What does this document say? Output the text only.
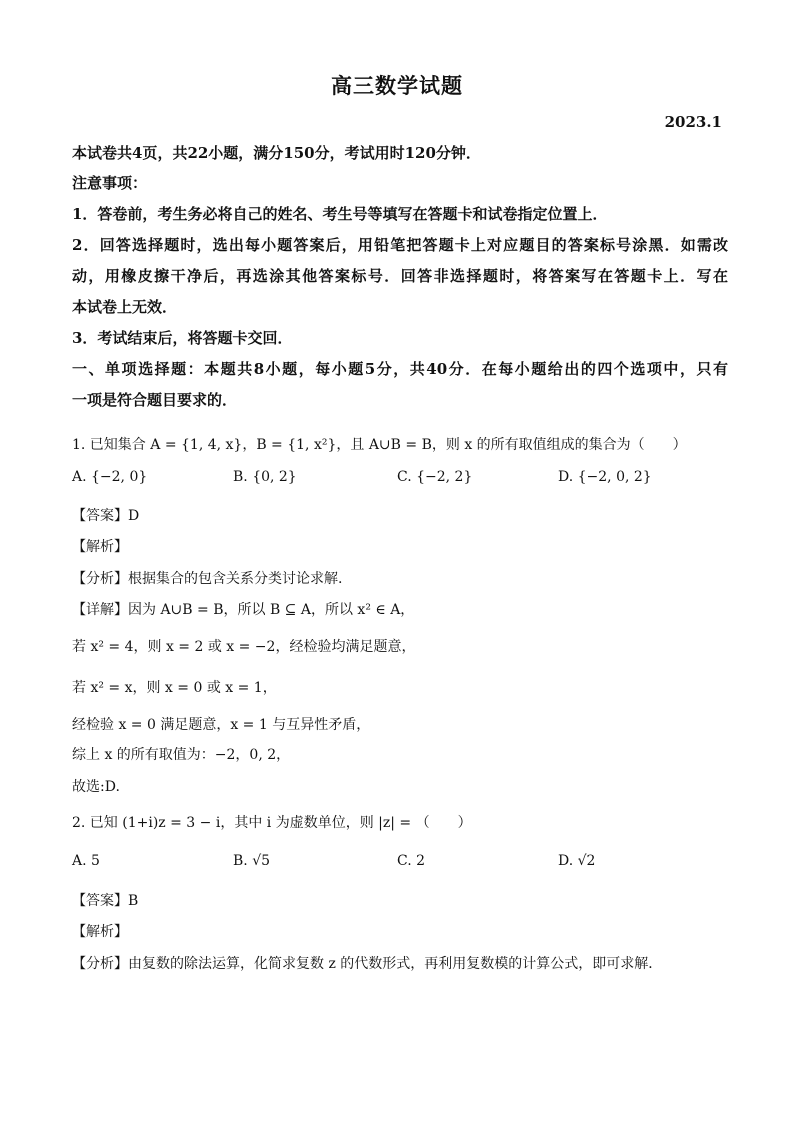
高三数学试题
2023.1
本试卷共4页，共22小题，满分150分，考试用时120分钟．
注意事项：
1．答卷前，考生务必将自己的姓名、考生号等填写在答题卡和试卷指定位置上．
2．回答选择题时，选出每小题答案后，用铅笔把答题卡上对应题目的答案标号涂黑．如需改
动，用橡皮擦干净后，再选涂其他答案标号．回答非选择题时，将答案写在答题卡上．写在
本试卷上无效．
3．考试结束后，将答题卡交回．
一、单项选择题：本题共8小题，每小题5分，共40分．在每小题给出的四个选项中，只有
一项是符合题目要求的．
1. 已知集合 A = {1, 4, x}，B = {1, x²}，且 A∪B = B，则 x 的所有取值组成的集合为（　　）
A. {−2, 0}	B. {0, 2}	C. {−2, 2}	D. {−2, 0, 2}
【答案】D
【解析】
【分析】根据集合的包含关系分类讨论求解.
【详解】因为 A∪B = B，所以 B ⊆ A，所以 x² ∈ A，
若 x² = 4，则 x = 2 或 x = −2，经检验均满足题意，
若 x² = x，则 x = 0 或 x = 1，
经检验 x = 0 满足题意，x = 1 与互异性矛盾，
综上 x 的所有取值为：−2，0, 2，
故选:D.
2. 已知 (1+i)z = 3 − i，其中 i 为虚数单位，则 |z| = （　　）
A. 5	B. √5	C. 2	D. √2
【答案】B
【解析】
【分析】由复数的除法运算，化简求复数 z 的代数形式，再利用复数模的计算公式，即可求解．
